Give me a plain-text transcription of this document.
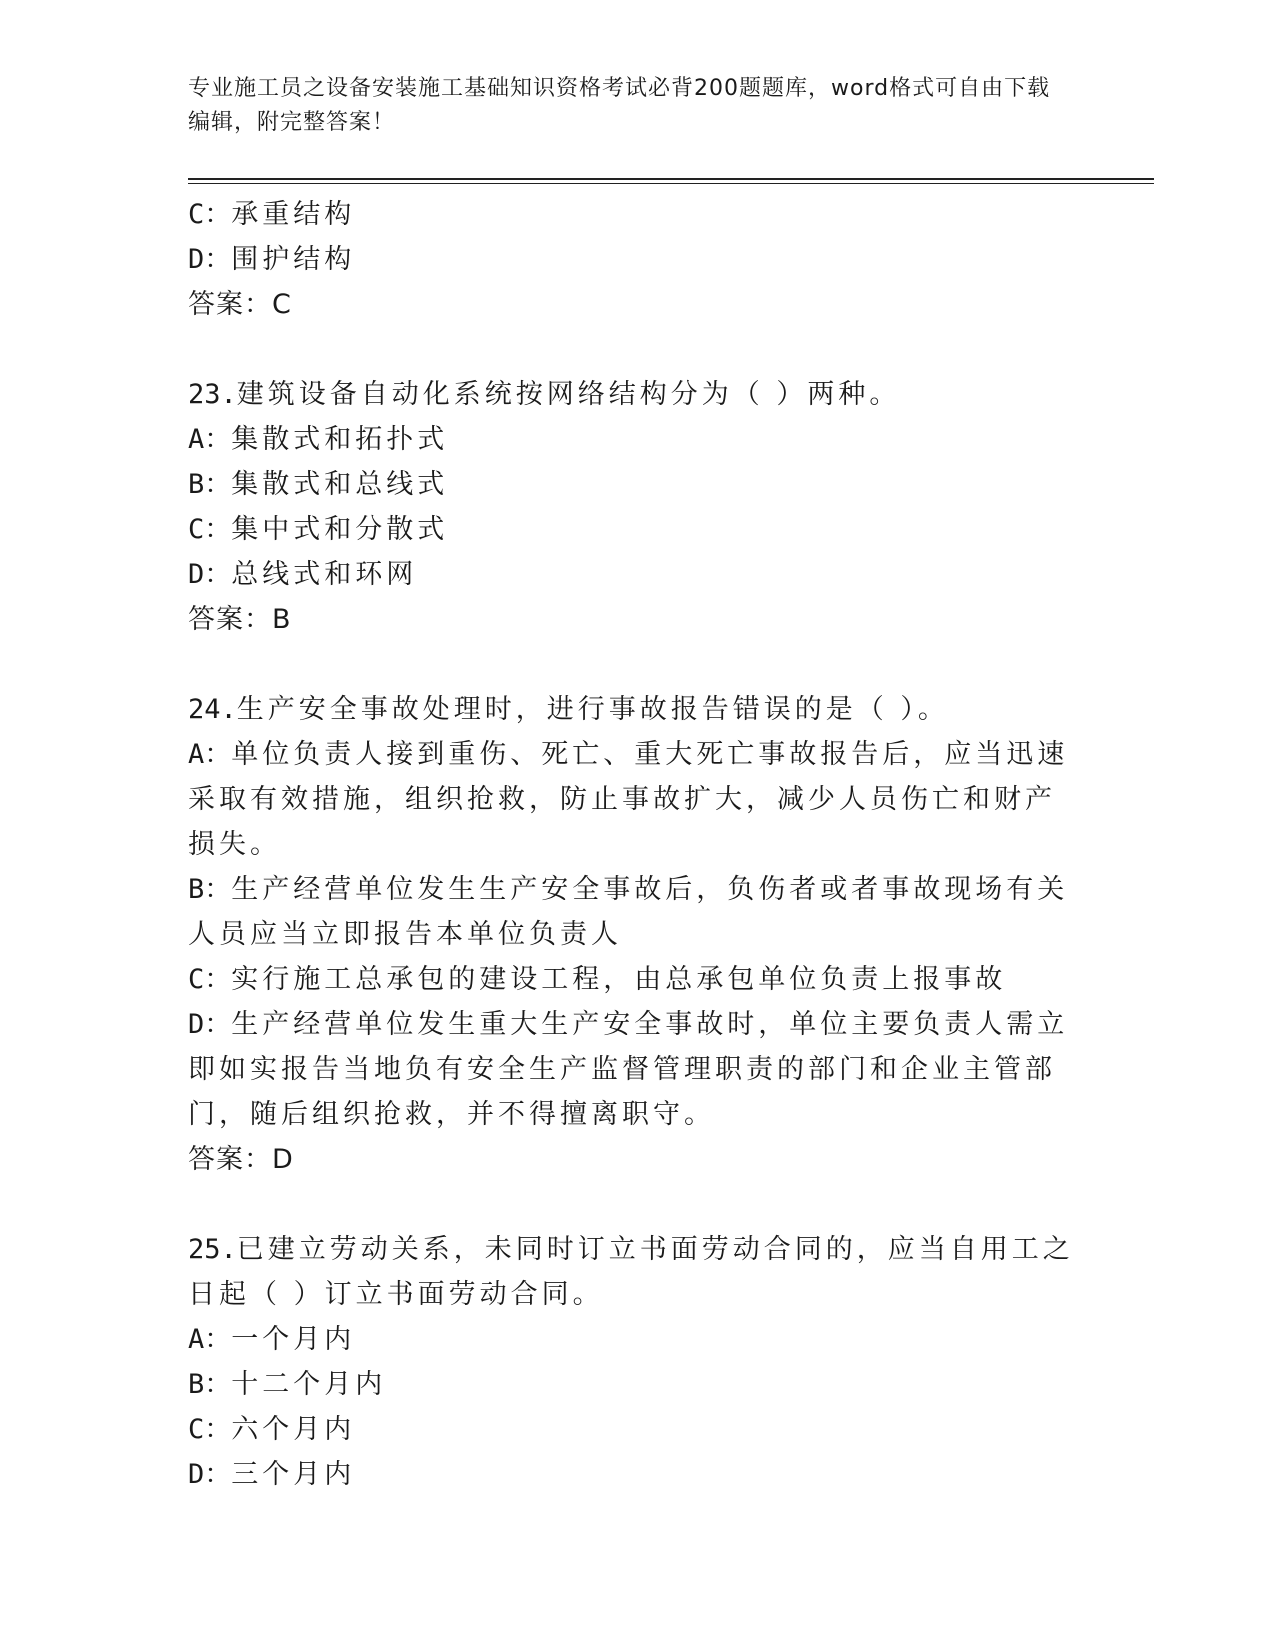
专业施工员之设备安装施工基础知识资格考试必背200题题库，word格式可自由下载编辑，附完整答案！
C：承重结构
D：围护结构
答案：C
23.建筑设备自动化系统按网络结构分为（ ）两种。
A：集散式和拓扑式
B：集散式和总线式
C：集中式和分散式
D：总线式和环网
答案：B
24.生产安全事故处理时，进行事故报告错误的是（ ）。
A：单位负责人接到重伤、死亡、重大死亡事故报告后，应当迅速采取有效措施，组织抢救，防止事故扩大，减少人员伤亡和财产损失。
B：生产经营单位发生生产安全事故后，负伤者或者事故现场有关人员应当立即报告本单位负责人
C：实行施工总承包的建设工程，由总承包单位负责上报事故
D：生产经营单位发生重大生产安全事故时，单位主要负责人需立即如实报告当地负有安全生产监督管理职责的部门和企业主管部门，随后组织抢救，并不得擅离职守。
答案：D
25.已建立劳动关系，未同时订立书面劳动合同的，应当自用工之日起（ ）订立书面劳动合同。
A：一个月内
B：十二个月内
C：六个月内
D：三个月内
